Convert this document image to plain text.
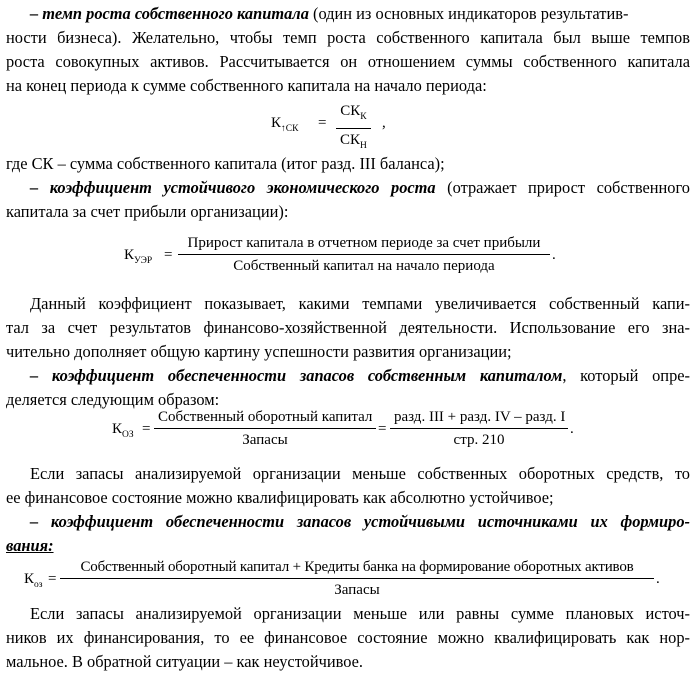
– темп роста собственного капитала (один из основных индикаторов результатив-
ности бизнеса). Желательно, чтобы темп роста собственного капитала был выше темпов
роста совокупных активов. Рассчитывается он отношением суммы собственного капитала
на конец периода к сумме собственного капитала на начало периода:
$К_{↑СК}$ =
$СК_К$
$СК_Н$
,
где СК – сумма собственного капитала (итог разд. III баланса);
– коэффициент устойчивого экономического роста (отражает прирост собственного
капитала за счет прибыли организации):
$К_{УЭР}$ =
Прирост капитала в отчетном периоде за счет прибыли
Собственный капитал на начало периода
.
Данный коэффициент показывает, какими темпами увеличивается собственный капи-
тал за счет результатов финансово-хозяйственной деятельности. Использование его зна-
чительно дополняет общую картину успешности развития организации;
– коэффициент обеспеченности запасов собственным капиталом, который опре-
деляется следующим образом:
$К_{ОЗ}$ =
Собственный оборотный капитал
Запасы
=
разд. III + разд. IV – разд. I
стр. 210
.
Если запасы анализируемой организации меньше собственных оборотных средств, то
ее финансовое состояние можно квалифицировать как абсолютно устойчивое;
– коэффициент обеспеченности запасов устойчивыми источниками их формиро-
вания:
$К_{оз}$ =
Собственный оборотный капитал + Кредиты банка на формирование оборотных активов
Запасы
.
Если запасы анализируемой организации меньше или равны сумме плановых источ-
ников их финансирования, то ее финансовое состояние можно квалифицировать как нор-
мальное. В обратной ситуации – как неустойчивое.
